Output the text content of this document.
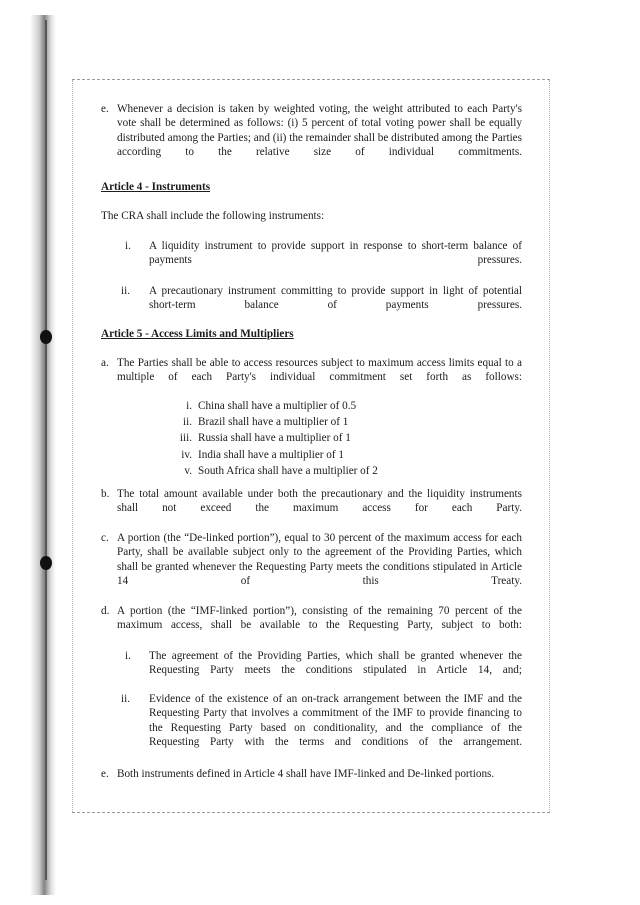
e. Whenever a decision is taken by weighted voting, the weight attributed to each Party's vote shall be determined as follows: (i) 5 percent of total voting power shall be equally distributed among the Parties; and (ii) the remainder shall be distributed among the Parties according to the relative size of individual commitments.
Article 4 - Instruments
The CRA shall include the following instruments:
i. A liquidity instrument to provide support in response to short-term balance of payments pressures.
ii. A precautionary instrument committing to provide support in light of potential short-term balance of payments pressures.
Article 5 - Access Limits and Multipliers
a. The Parties shall be able to access resources subject to maximum access limits equal to a multiple of each Party's individual commitment set forth as follows:
i. China shall have a multiplier of 0.5
ii. Brazil shall have a multiplier of 1
iii. Russia shall have a multiplier of 1
iv. India shall have a multiplier of 1
v. South Africa shall have a multiplier of 2
b. The total amount available under both the precautionary and the liquidity instruments shall not exceed the maximum access for each Party.
c. A portion (the “De-linked portion”), equal to 30 percent of the maximum access for each Party, shall be available subject only to the agreement of the Providing Parties, which shall be granted whenever the Requesting Party meets the conditions stipulated in Article 14 of this Treaty.
d. A portion (the “IMF-linked portion”), consisting of the remaining 70 percent of the maximum access, shall be available to the Requesting Party, subject to both:
i. The agreement of the Providing Parties, which shall be granted whenever the Requesting Party meets the conditions stipulated in Article 14, and;
ii. Evidence of the existence of an on-track arrangement between the IMF and the Requesting Party that involves a commitment of the IMF to provide financing to the Requesting Party based on conditionality, and the compliance of the Requesting Party with the terms and conditions of the arrangement.
e. Both instruments defined in Article 4 shall have IMF-linked and De-linked portions.
